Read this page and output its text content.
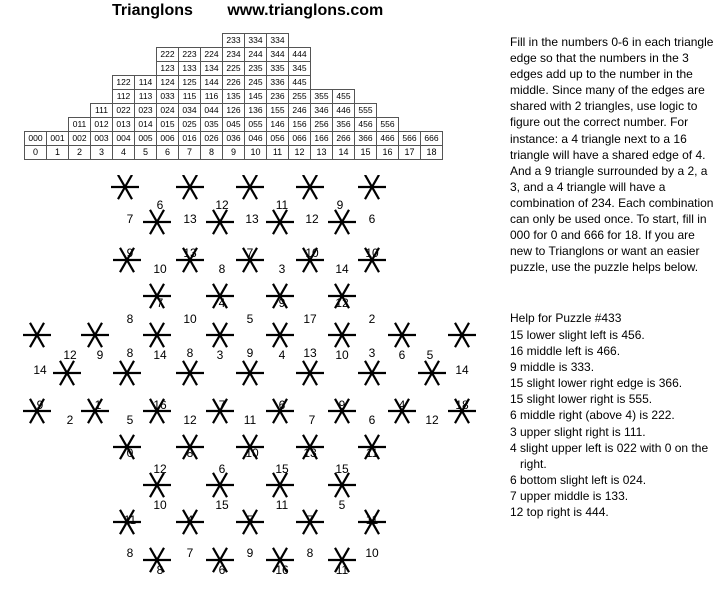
Trianglons www.trianglons.com
									233	334	334							
						222	223	224	234	244	344	444						
						123	133	134	225	235	335	345						
				122	114	124	125	144	226	245	336	445						
				112	113	033	115	116	135	145	236	255	355	455				
			111	022	023	024	034	044	126	136	155	246	346	446	555			
		011	012	013	014	015	025	035	045	055	146	156	256	356	456	556		
000	001	002	003	004	005	006	016	026	036	046	056	066	166	266	366	466	566	666
0	1	2	3	4	5	6	7	8	9	10	11	12	13	14	15	16	17	18
Fill in the numbers 0-6 in each triangle edge so that the numbers in the 3 edges add up to the number in the middle. Since many of the edges are shared with 2 triangles, use logic to figure out the correct number. For instance: a 4 triangle next to a 16 triangle will have a shared edge of 4. And a 9 triangle surrounded by a 2, a 3, and a 4 triangle will have a combination of 234. Each combination can only be used once. To start, fill in 000 for 0 and 666 for 18. If you are new to Trianglons or want an easier puzzle, use the puzzle helps below.
Help for Puzzle #433
15 lower slight left is 456.
16 middle left is 466.
9 middle is 333.
15 slight lower right edge is 366.
15 slight lower right is 555.
6 middle right (above 4) is 222.
3 upper slight right is 111.
4 slight upper left is 022 with 0 on the right.
6 bottom slight left is 024.
7 upper middle is 133.
12 top right is 444.
6	12	11	9
7	13	13	12	6
9	13	7	10	10
10	8	3	14
7	4	9	12
8	10	5	17	2
12 9	14	3	4	10	6 5
8	8	9	13	3
14	14
9	1	16	7	6	9	4	18
2	5	12	11	7	6	12
0	8	10	13	11
12	6	15	15
10	15	11	5
11	4	5	7	11
8	7	9	8	10
8	6	16	11
